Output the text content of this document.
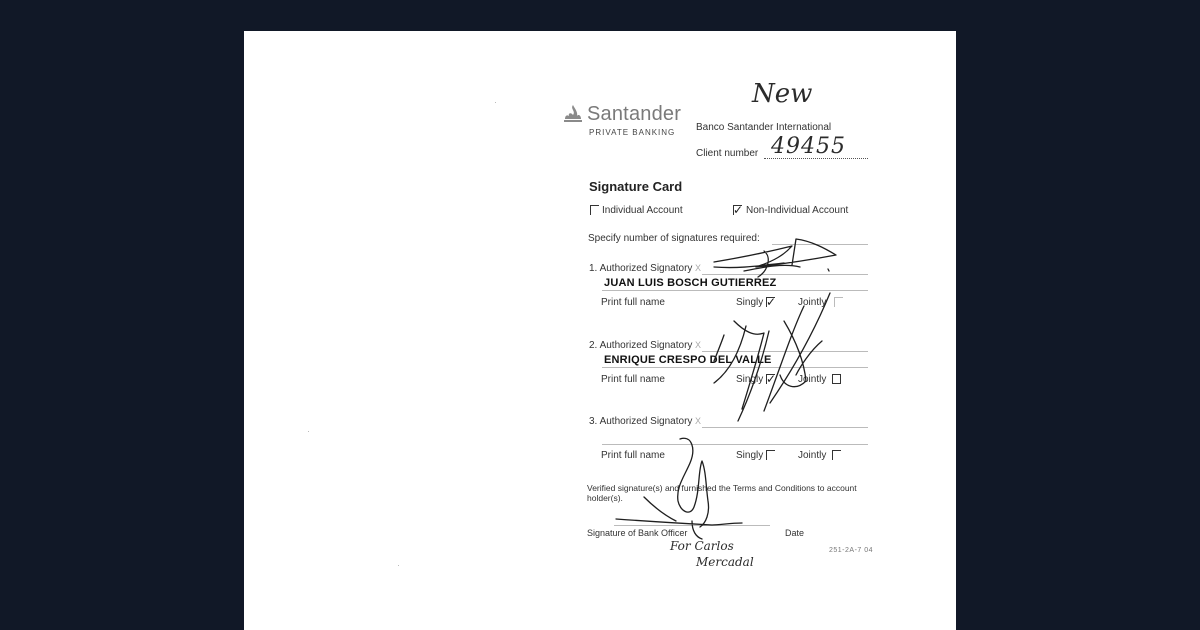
Santander
PRIVATE BANKING
New
Banco Santander International
Client number 49455
Signature Card
Individual Account	✓ Non-Individual Account
Specify number of signatures required:
1. Authorized Signatory X
JUAN LUIS BOSCH GUTIERREZ
Print full name	Singly ✓ Jointly
2. Authorized Signatory X
ENRIQUE CRESPO DEL VALLE
Print full name	Singly ✓ Jointly
3. Authorized Signatory X
Print full name	Singly	Jointly
Verified signature(s) and furnished the Terms and Conditions to account
holder(s).
Signature of Bank Officer	Date
For Carlos
Mercadal
251-2A-7 04
